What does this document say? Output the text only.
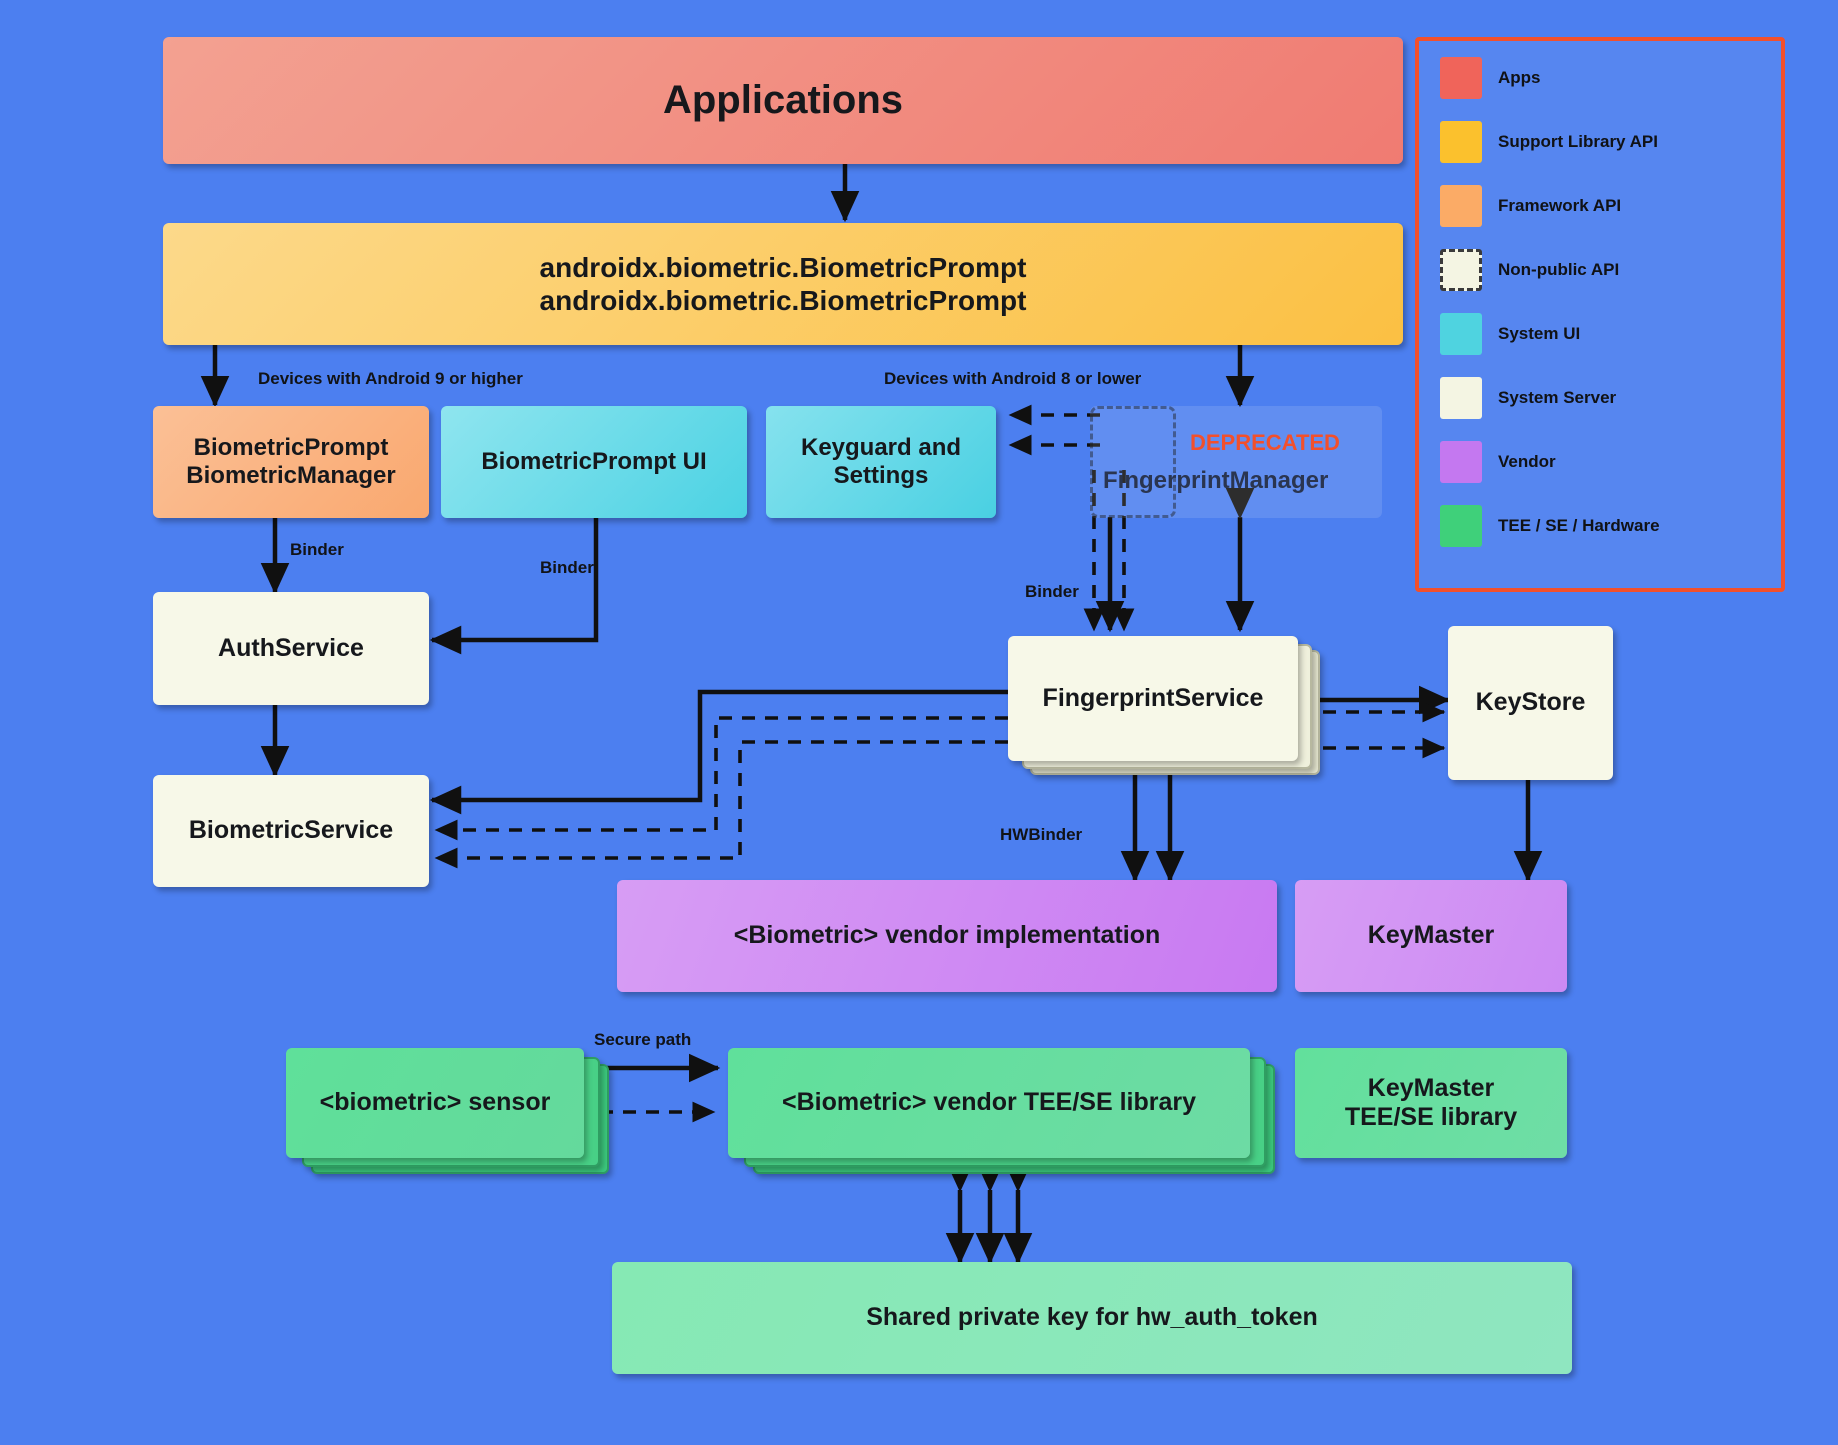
Applications
androidx.biometric.BiometricPrompt
androidx.biometric.BiometricPrompt
Devices with Android 9 or higher	Devices with Android 8 or lower
BiometricPrompt
BiometricManager
BiometricPrompt UI
Keyguard and
Settings
DEPRECATED
FingerprintManager
AuthService
Binder
Binder
Binder
BiometricService
FingerprintService	KeyStore
HWBinder
<Biometric> vendor implementation	KeyMaster
Secure path
<biometric> sensor	<Biometric> vendor TEE/SE library
KeyMaster
TEE/SE library
Shared private key for hw_auth_token
Apps
Support Library API
Framework API
Non-public API
System UI
System Server
Vendor
TEE / SE / Hardware
